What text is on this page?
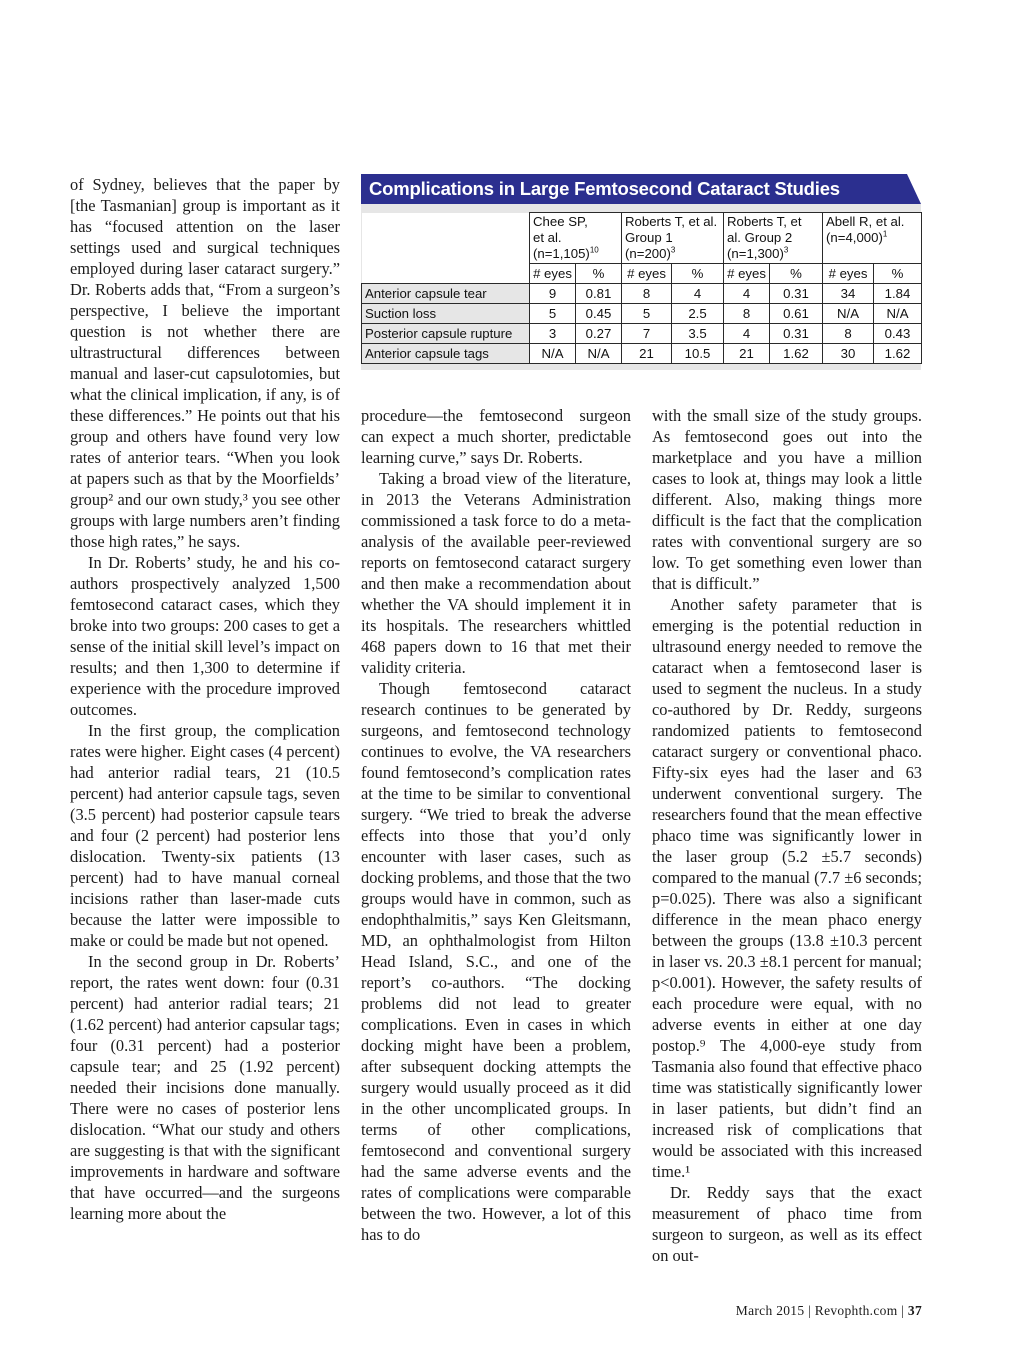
of Sydney, believes that the paper by [the Tasmanian] group is important as it has “focused attention on the laser settings used and surgical techniques employed during laser cataract surgery.” Dr. Roberts adds that, “From a surgeon’s perspective, I believe the important question is not whether there are ultrastructural differences between manual and laser-cut capsulotomies, but what the clinical implication, if any, is of these differences.” He points out that his group and others have found very low rates of anterior tears. “When you look at papers such as that by the Moorfields’ group² and our own study,³ you see other groups with large numbers aren’t finding those high rates,” he says.

In Dr. Roberts’ study, he and his co-authors prospectively analyzed 1,500 femtosecond cataract cases, which they broke into two groups: 200 cases to get a sense of the initial skill level’s impact on results; and then 1,300 to determine if experience with the procedure improved outcomes.

In the first group, the complication rates were higher. Eight cases (4 percent) had anterior radial tears, 21 (10.5 percent) had anterior capsule tags, seven (3.5 percent) had posterior capsule tears and four (2 percent) had posterior lens dislocation. Twenty-six patients (13 percent) had to have manual corneal incisions rather than laser-made cuts because the latter were impossible to make or could be made but not opened.

In the second group in Dr. Roberts’ report, the rates went down: four (0.31 percent) had anterior radial tears; 21 (1.62 percent) had anterior capsular tags; four (0.31 percent) had a posterior capsule tear; and 25 (1.92 percent) needed their incisions done manually. There were no cases of posterior lens dislocation. “What our study and others are suggesting is that with the significant improvements in hardware and software that have occurred—and the surgeons learning more about the

Complications in Large Femtosecond Cataract Studies
	Chee SP,
et al.
(n=1,105)$^{10}$		Roberts T, et al.
Group 1
(n=200)$^3$		Roberts T, et
al. Group 2
(n=1,300)$^3$		Abell R, et al.
(n=4,000)$^1$
	# eyes	%	# eyes	%	# eyes	%	# eyes	%
Anterior capsule tear	9	0.81	8	4	4	0.31	34	1.84
Suction loss	5	0.45	5	2.5	8	0.61	N/A	N/A
Posterior capsule rupture	3	0.27	7	3.5	4	0.31	8	0.43
Anterior capsule tags	N/A	N/A	21	10.5	21	1.62	30	1.62

procedure—the femtosecond surgeon can expect a much shorter, predictable learning curve,” says Dr. Roberts.

Taking a broad view of the literature, in 2013 the Veterans Administration commissioned a task force to do a meta-analysis of the available peer-reviewed reports on femtosecond cataract surgery and then make a recommendation about whether the VA should implement it in its hospitals. The researchers whittled 468 papers down to 16 that met their validity criteria.

Though femtosecond cataract research continues to be generated by surgeons, and femtosecond technology continues to evolve, the VA researchers found femtosecond’s complication rates at the time to be similar to conventional surgery. “We tried to break the adverse effects into those that you’d only encounter with laser cases, such as docking problems, and those that the two groups would have in common, such as endophthalmitis,” says Ken Gleitsmann, MD, an ophthalmologist from Hilton Head Island, S.C., and one of the report’s co-authors. “The docking problems did not lead to greater complications. Even in cases in which docking might have been a problem, after subsequent docking attempts the surgery would usually proceed as it did in the other uncomplicated groups. In terms of other complications, femtosecond and conventional surgery had the same adverse events and the rates of complications were comparable between the two. However, a lot of this has to do

with the small size of the study groups. As femtosecond goes out into the marketplace and you have a million cases to look at, things may look a little different. Also, making things more difficult is the fact that the complication rates with conventional surgery are so low. To get something even lower than that is difficult.”

Another safety parameter that is emerging is the potential reduction in ultrasound energy needed to remove the cataract when a femtosecond laser is used to segment the nucleus. In a study co-authored by Dr. Reddy, surgeons randomized patients to femtosecond cataract surgery or conventional phaco. Fifty-six eyes had the laser and 63 underwent conventional surgery. The researchers found that the mean effective phaco time was significantly lower in the laser group (5.2 ±5.7 seconds) compared to the manual (7.7 ±6 seconds; p=0.025). There was also a significant difference in the mean phaco energy between the groups (13.8 ±10.3 percent in laser vs. 20.3 ±8.1 percent for manual; p<0.001). However, the safety results of each procedure were equal, with no adverse events in either at one day postop.⁹ The 4,000-eye study from Tasmania also found that effective phaco time was statistically significantly lower in laser patients, but didn’t find an increased risk of complications that would be associated with this increased time.¹

Dr. Reddy says that the exact measurement of phaco time from surgeon to surgeon, as well as its effect on out-

March 2015 | Revophth.com | 37
